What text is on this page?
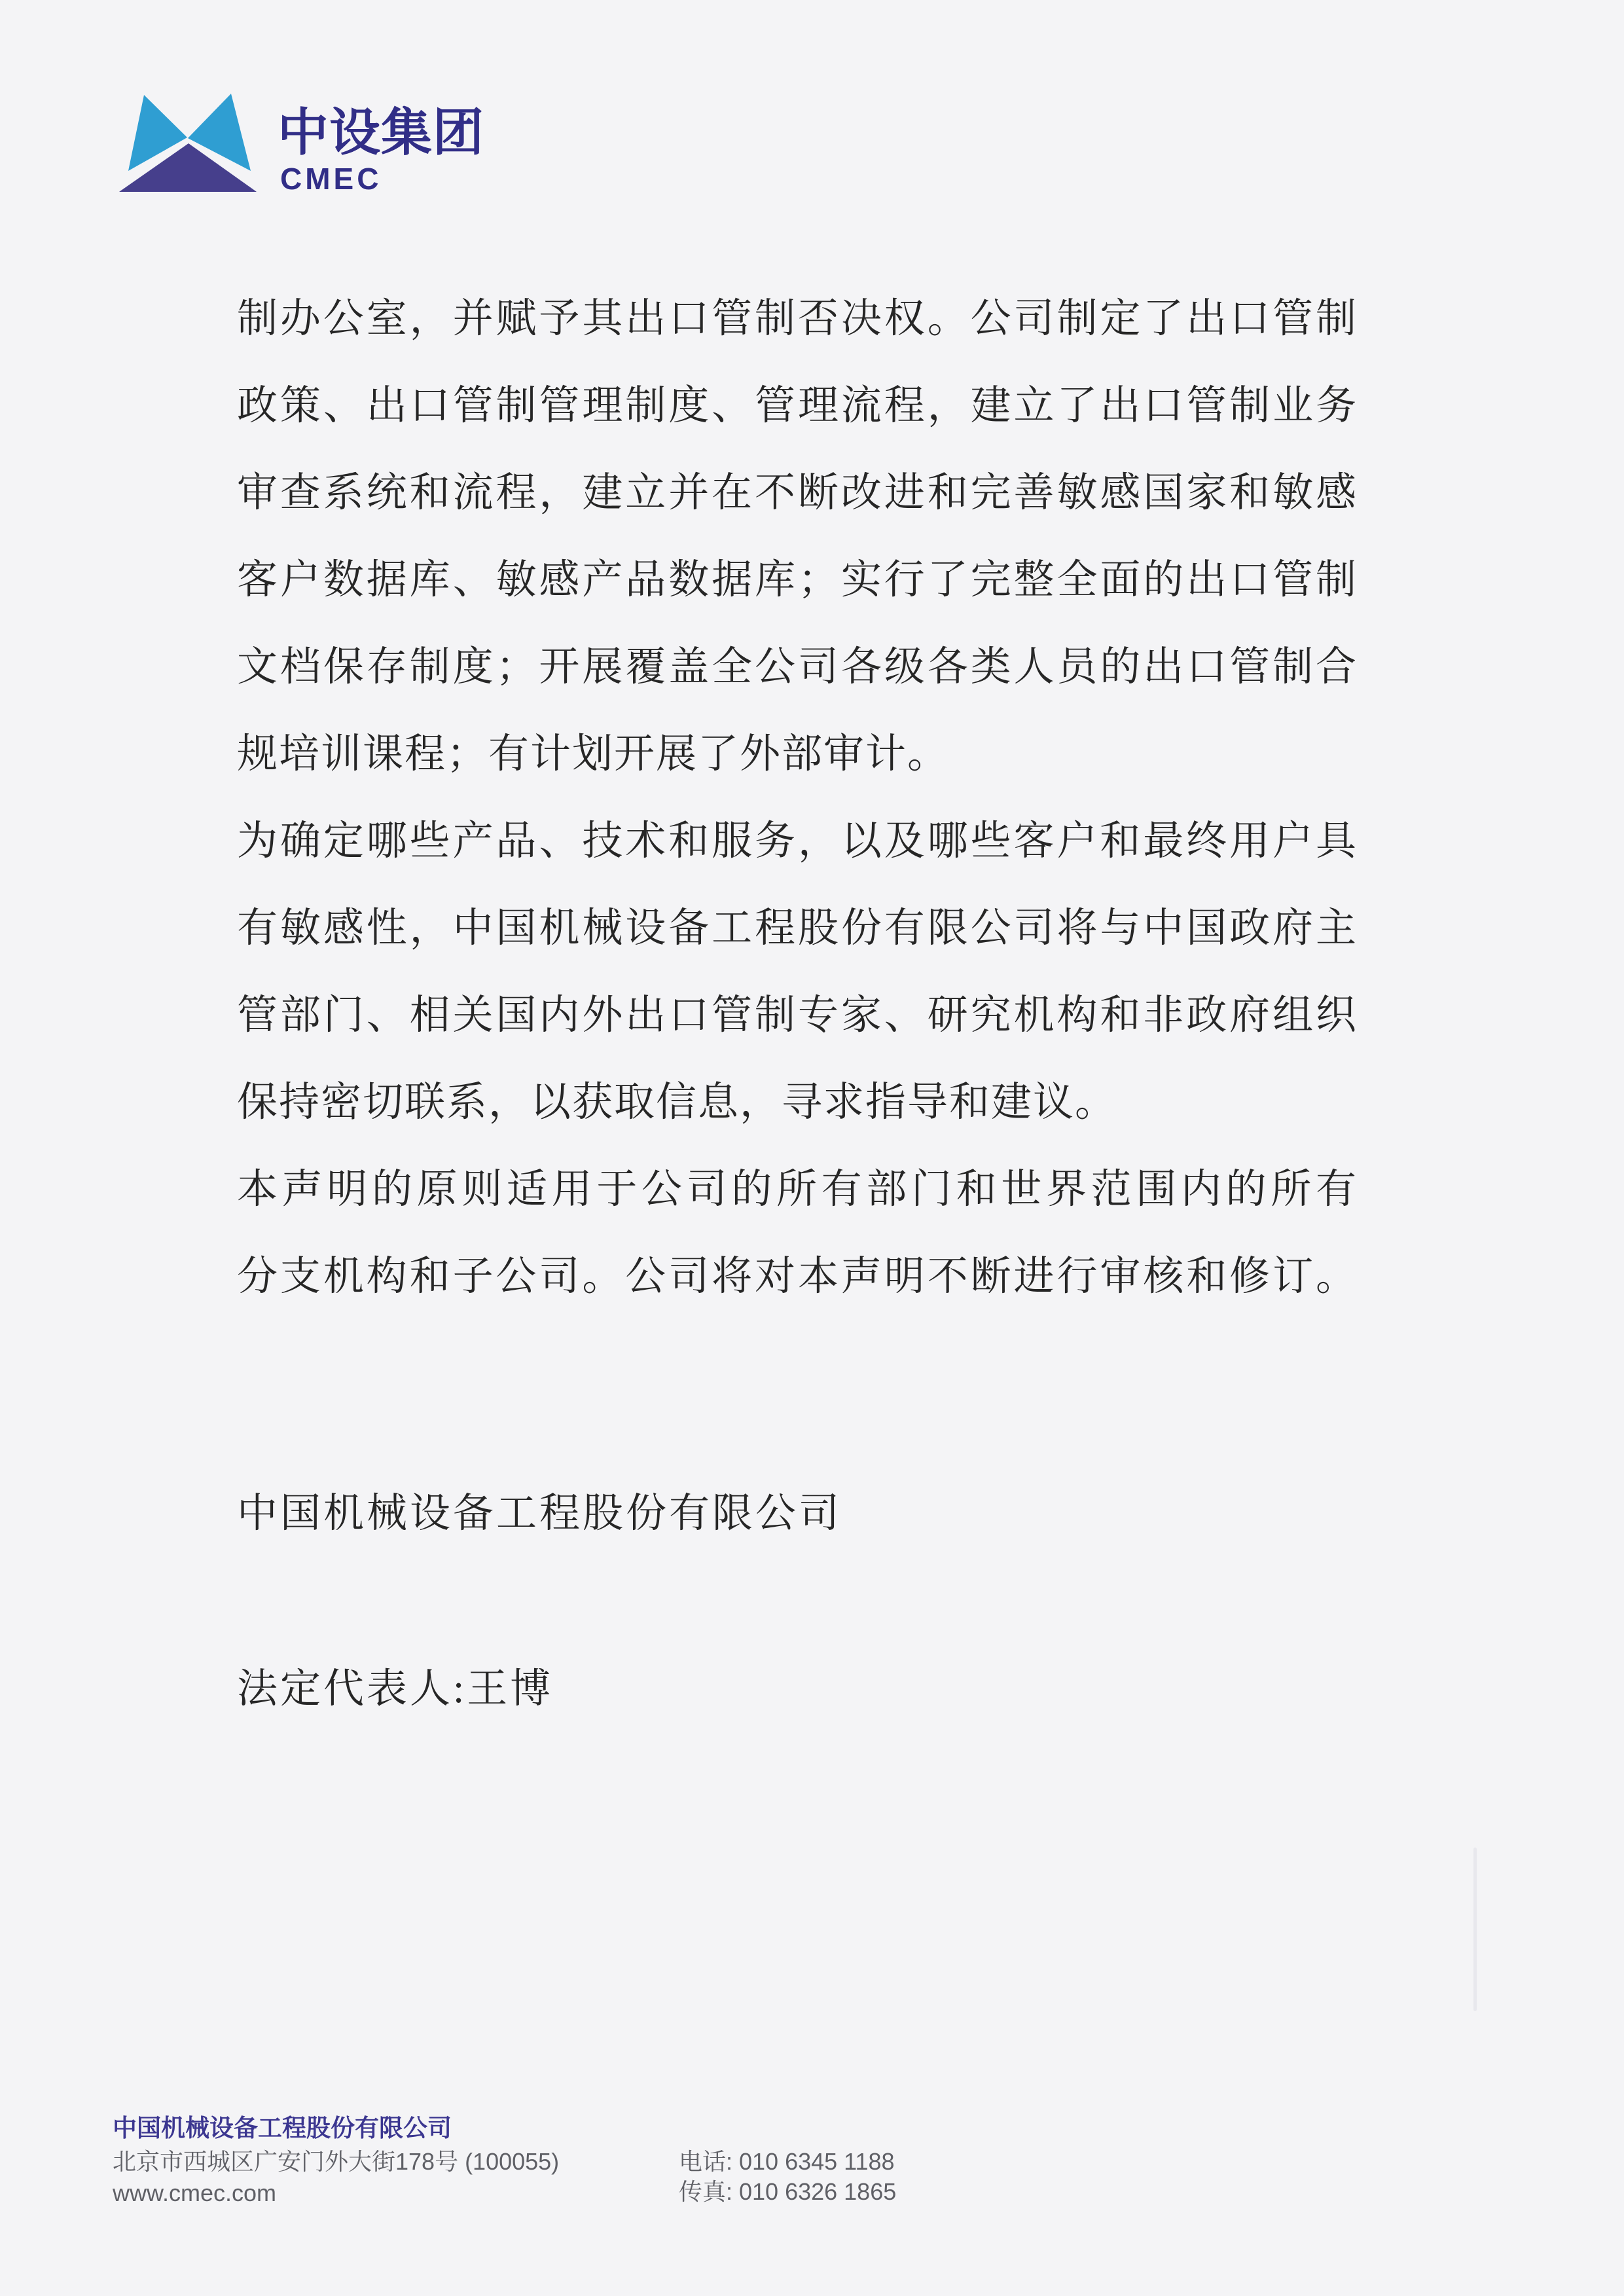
中设集团
CMEC
制办公室，并赋予其出口管制否决权。公司制定了出口管制
政策、出口管制管理制度、管理流程，建立了出口管制业务
审查系统和流程，建立并在不断改进和完善敏感国家和敏感
客户数据库、敏感产品数据库；实行了完整全面的出口管制
文档保存制度；开展覆盖全公司各级各类人员的出口管制合
规培训课程；有计划开展了外部审计。
为确定哪些产品、技术和服务，以及哪些客户和最终用户具
有敏感性，中国机械设备工程股份有限公司将与中国政府主
管部门、相关国内外出口管制专家、研究机构和非政府组织
保持密切联系，以获取信息，寻求指导和建议。
本声明的原则适用于公司的所有部门和世界范围内的所有
分支机构和子公司。公司将对本声明不断进行审核和修订。
中国机械设备工程股份有限公司
法定代表人:王博
中国机械设备工程股份有限公司
北京市西城区广安门外大街178号 (100055)
www.cmec.com
电话: 010 6345 1188
传真: 010 6326 1865
